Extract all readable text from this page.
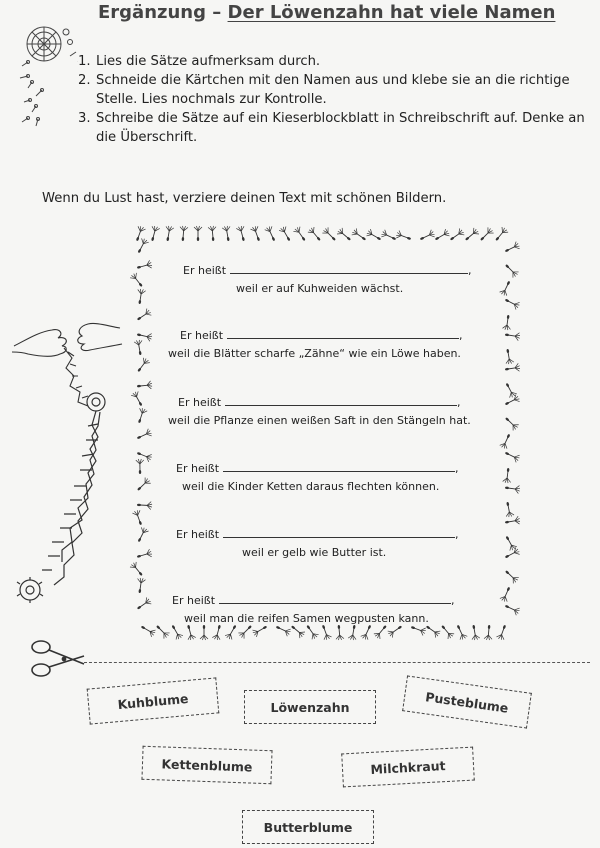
Ergänzung – Der Löwenzahn hat viele Namen
1. Lies die Sätze aufmerksam durch.
2. Schneide die Kärtchen mit den Namen aus und klebe sie an die richtige Stelle. Lies nochmals zur Kontrolle.
3. Schreibe die Sätze auf ein Kieserblockblatt in Schreibschrift auf. Denke an die Überschrift.
Wenn du Lust hast, verziere deinen Text mit schönen Bildern.
Er heißt	,
weil er auf Kuhweiden wächst.
Er heißt	,
weil die Blätter scharfe „Zähne“ wie ein Löwe haben.
Er heißt	,
weil die Pflanze einen weißen Saft in den Stängeln hat.
Er heißt	,
weil die Kinder Ketten daraus flechten können.
Er heißt	,
weil er gelb wie Butter ist.
Er heißt	,
weil man die reifen Samen wegpusten kann.
Kuhblume	Löwenzahn	Pusteblume
Kettenblume	Milchkraut
Butterblume
